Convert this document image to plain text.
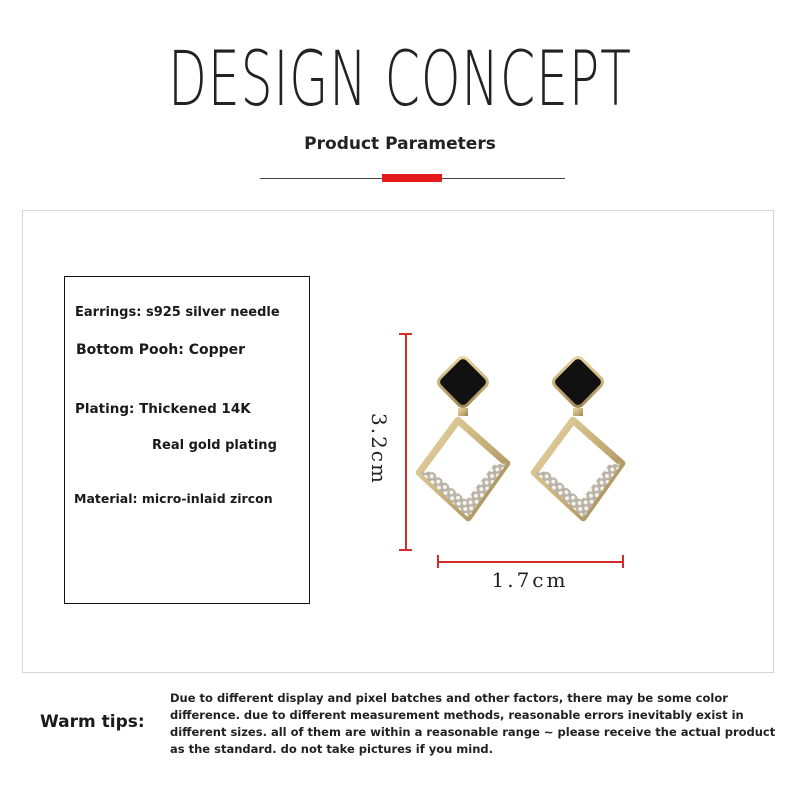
DESIGN CONCEPT
Product Parameters
Earrings: s925 silver needle
Bottom Pooh: Copper
Plating: Thickened 14K
Real gold plating
Material: micro-inlaid zircon
3.2cm
1.7cm
Warm tips:
Due to different display and pixel batches and other factors, there may be some color difference. due to different measurement methods, reasonable errors inevitably exist in different sizes. all of them are within a reasonable range ~ please receive the actual product as the standard. do not take pictures if you mind.
